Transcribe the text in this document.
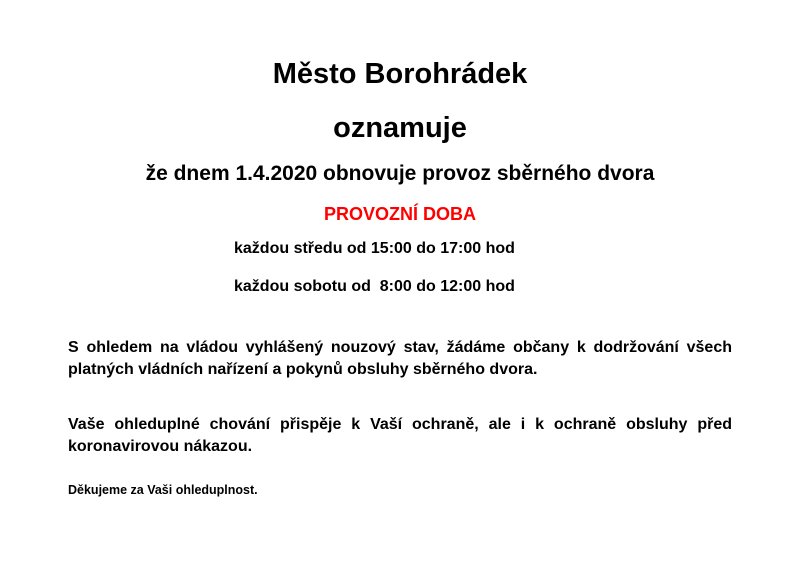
Město Borohrádek
oznamuje
že dnem 1.4.2020 obnovuje provoz sběrného dvora
PROVOZNÍ DOBA
každou středu od 15:00 do 17:00 hod
každou sobotu od  8:00 do 12:00 hod
S ohledem na vládou vyhlášený nouzový stav, žádáme občany k dodržování všech platných vládních nařízení a pokynů obsluhy sběrného dvora.
Vaše ohleduplné chování přispěje k Vaší ochraně, ale i k ochraně obsluhy před koronavirovou nákazou.
Děkujeme za Vaši ohleduplnost.
